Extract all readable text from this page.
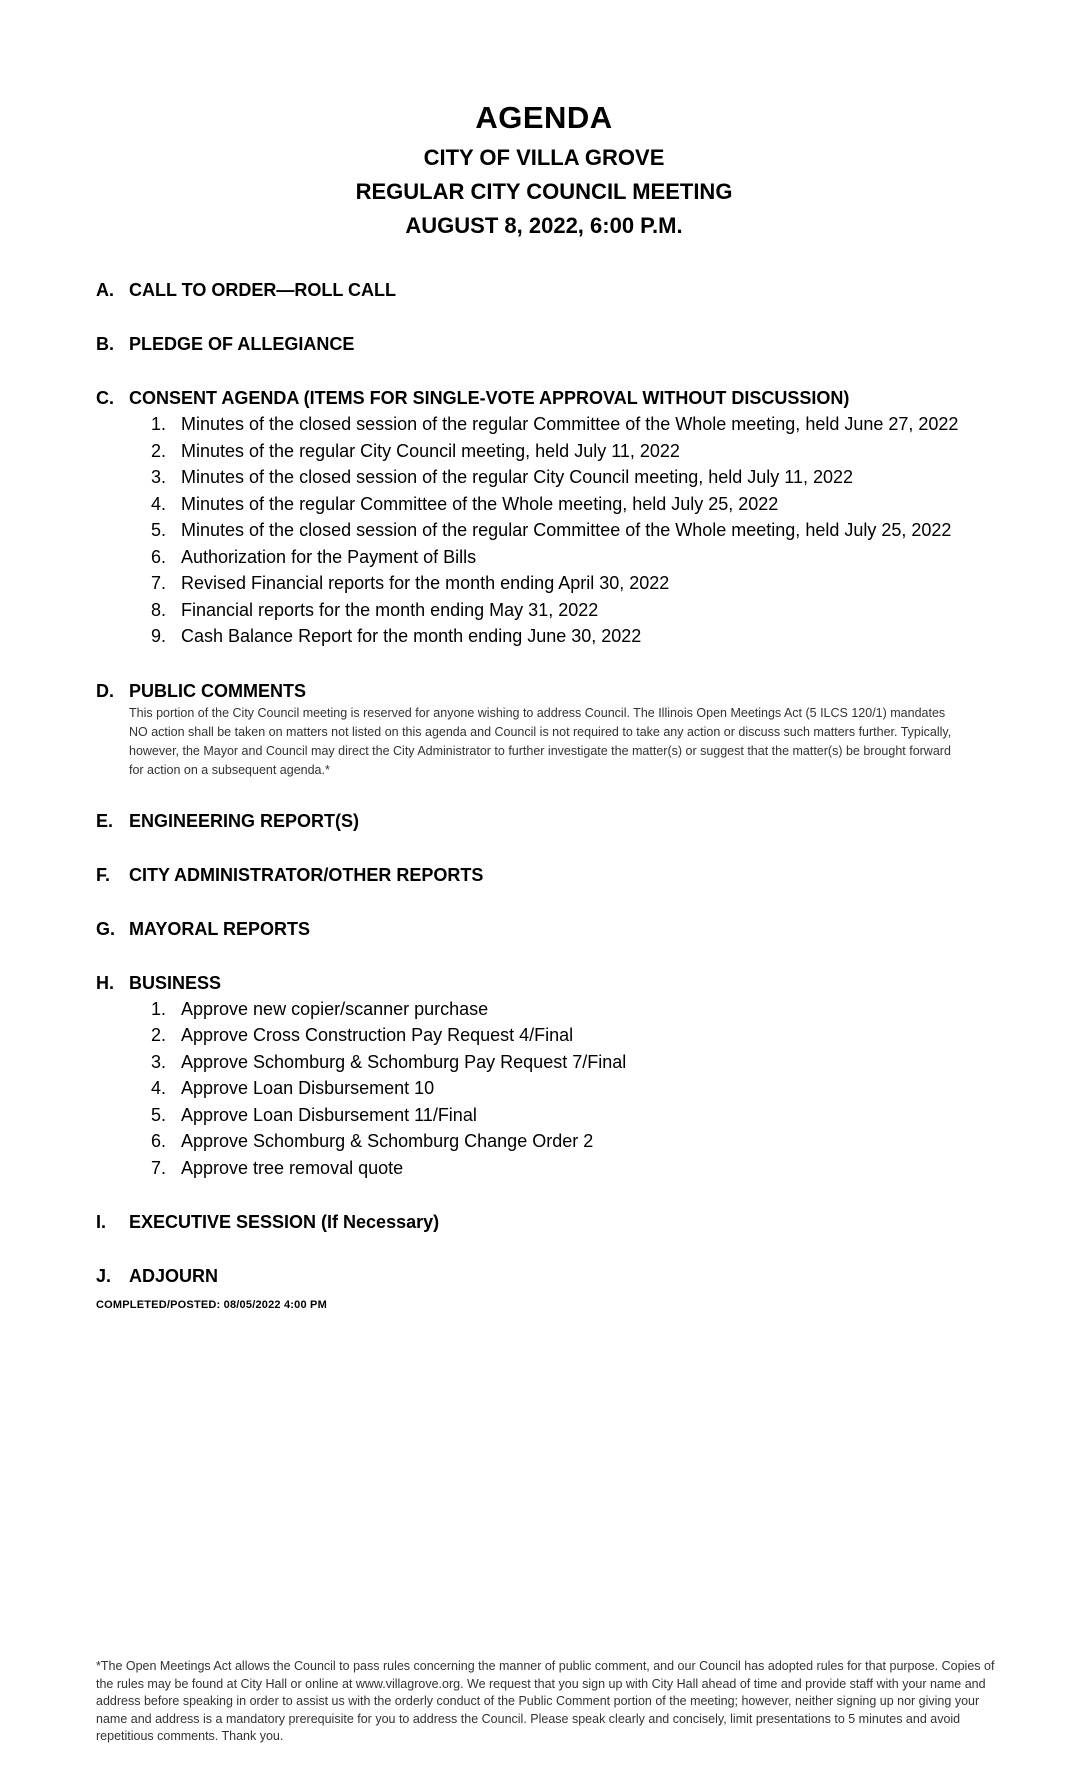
AGENDA
CITY OF VILLA GROVE
REGULAR CITY COUNCIL MEETING
AUGUST 8, 2022, 6:00 P.M.
A. CALL TO ORDER—ROLL CALL
B. PLEDGE OF ALLEGIANCE
C. CONSENT AGENDA (ITEMS FOR SINGLE-VOTE APPROVAL WITHOUT DISCUSSION)
1. Minutes of the closed session of the regular Committee of the Whole meeting, held June 27, 2022
2. Minutes of the regular City Council meeting, held July 11, 2022
3. Minutes of the closed session of the regular City Council meeting, held July 11, 2022
4. Minutes of the regular Committee of the Whole meeting, held July 25, 2022
5. Minutes of the closed session of the regular Committee of the Whole meeting, held July 25, 2022
6. Authorization for the Payment of Bills
7. Revised Financial reports for the month ending April 30, 2022
8. Financial reports for the month ending May 31, 2022
9. Cash Balance Report for the month ending June 30, 2022
D. PUBLIC COMMENTS
This portion of the City Council meeting is reserved for anyone wishing to address Council. The Illinois Open Meetings Act (5 ILCS 120/1) mandates NO action shall be taken on matters not listed on this agenda and Council is not required to take any action or discuss such matters further. Typically, however, the Mayor and Council may direct the City Administrator to further investigate the matter(s) or suggest that the matter(s) be brought forward for action on a subsequent agenda.*
E. ENGINEERING REPORT(S)
F.	CITY ADMINISTRATOR/OTHER REPORTS
G. MAYORAL REPORTS
H. BUSINESS
1. Approve new copier/scanner purchase
2. Approve Cross Construction Pay Request 4/Final
3. Approve Schomburg & Schomburg Pay Request 7/Final
4. Approve Loan Disbursement 10
5. Approve Loan Disbursement 11/Final
6. Approve Schomburg & Schomburg Change Order 2
7. Approve tree removal quote
I.	EXECUTIVE SESSION (If Necessary)
J. ADJOURN
COMPLETED/POSTED: 08/05/2022 4:00 PM
*The Open Meetings Act allows the Council to pass rules concerning the manner of public comment, and our Council has adopted rules for that purpose. Copies of the rules may be found at City Hall or online at www.villagrove.org. We request that you sign up with City Hall ahead of time and provide staff with your name and address before speaking in order to assist us with the orderly conduct of the Public Comment portion of the meeting; however, neither signing up nor giving your name and address is a mandatory prerequisite for you to address the Council. Please speak clearly and concisely, limit presentations to 5 minutes and avoid repetitious comments. Thank you.
